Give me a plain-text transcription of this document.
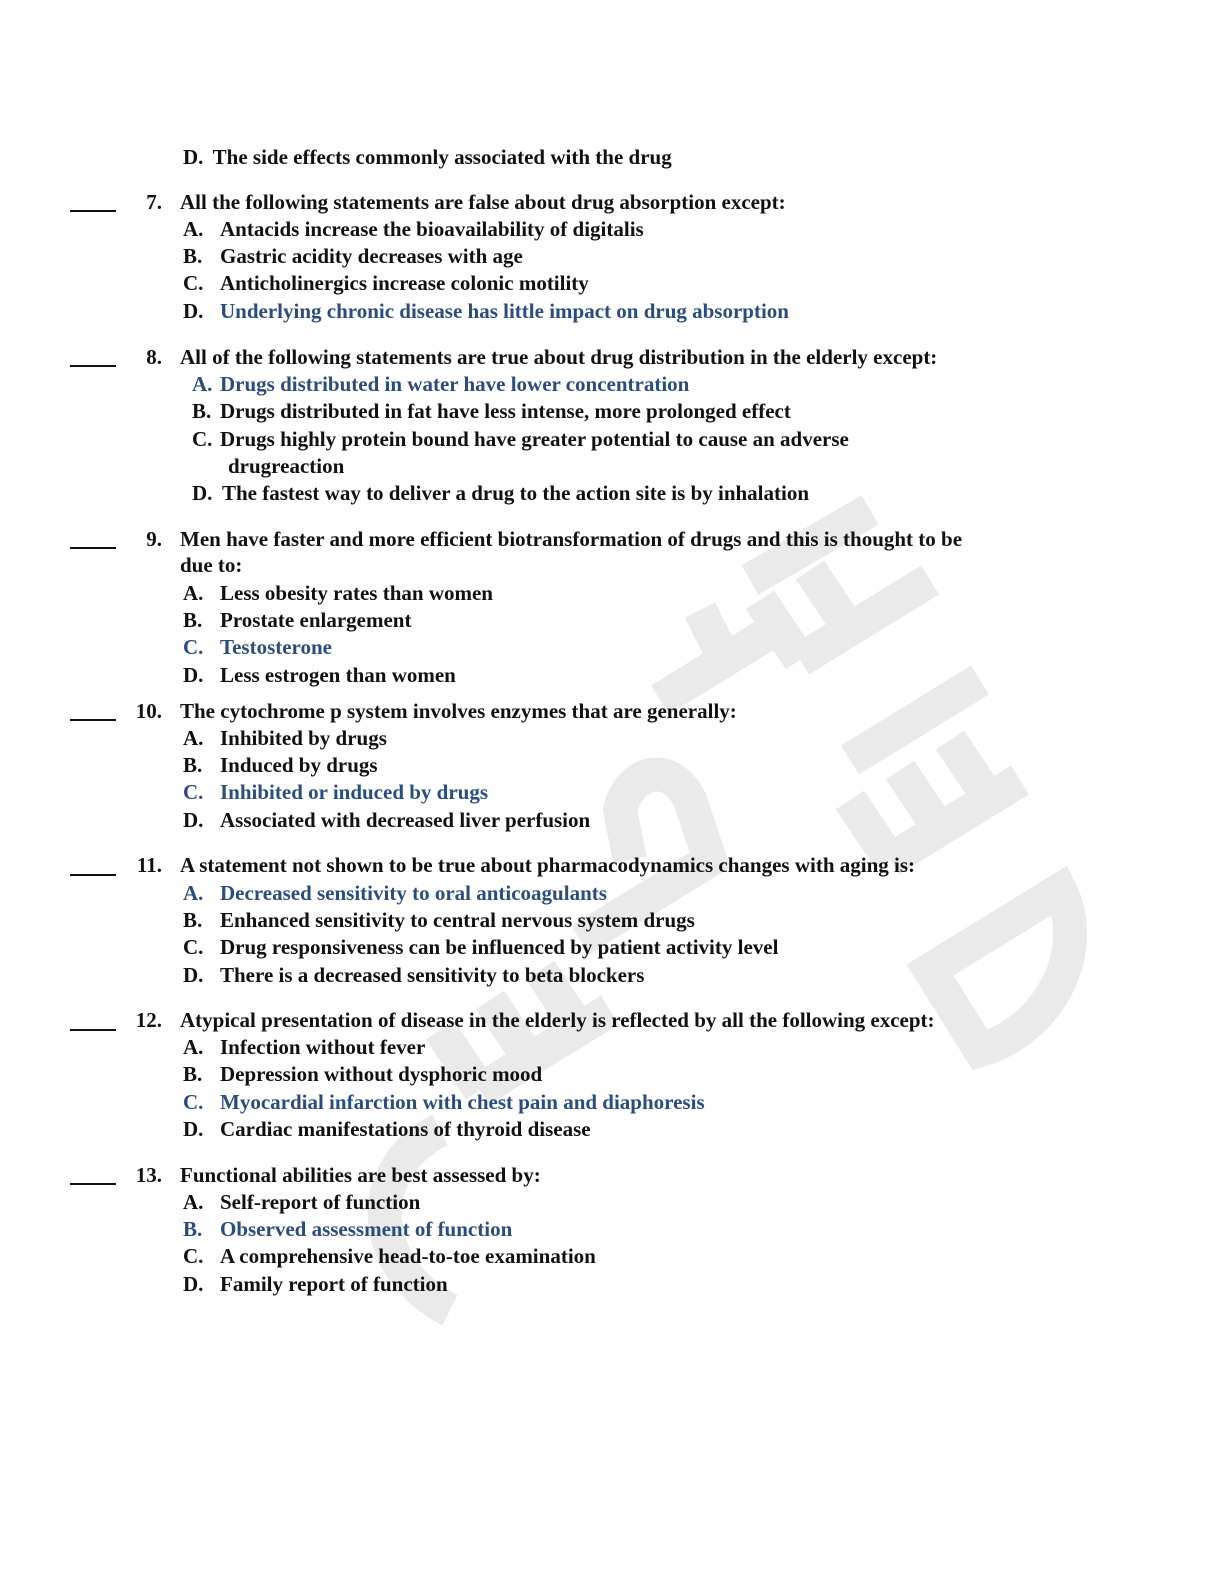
D. The side effects commonly associated with the drug
7. All the following statements are false about drug absorption except:
A. Antacids increase the bioavailability of digitalis
B. Gastric acidity decreases with age
C. Anticholinergics increase colonic motility
D. Underlying chronic disease has little impact on drug absorption
8. All of the following statements are true about drug distribution in the elderly except:
A. Drugs distributed in water have lower concentration
B. Drugs distributed in fat have less intense, more prolonged effect
C. Drugs highly protein bound have greater potential to cause an adverse
drugreaction
D. The fastest way to deliver a drug to the action site is by inhalation
9. Men have faster and more efficient biotransformation of drugs and this is thought to be
due to:
A. Less obesity rates than women
B. Prostate enlargement
C. Testosterone
D. Less estrogen than women
10. The cytochrome p system involves enzymes that are generally:
A. Inhibited by drugs
B. Induced by drugs
C. Inhibited or induced by drugs
D. Associated with decreased liver perfusion
11. A statement not shown to be true about pharmacodynamics changes with aging is:
A. Decreased sensitivity to oral anticoagulants
B. Enhanced sensitivity to central nervous system drugs
C. Drug responsiveness can be influenced by patient activity level
D. There is a decreased sensitivity to beta blockers
12. Atypical presentation of disease in the elderly is reflected by all the following except:
A. Infection without fever
B. Depression without dysphoric mood
C. Myocardial infarction with chest pain and diaphoresis
D. Cardiac manifestations of thyroid disease
13. Functional abilities are best assessed by:
A. Self-report of function
B. Observed assessment of function
C. A comprehensive head-to-toe examination
D. Family report of function
